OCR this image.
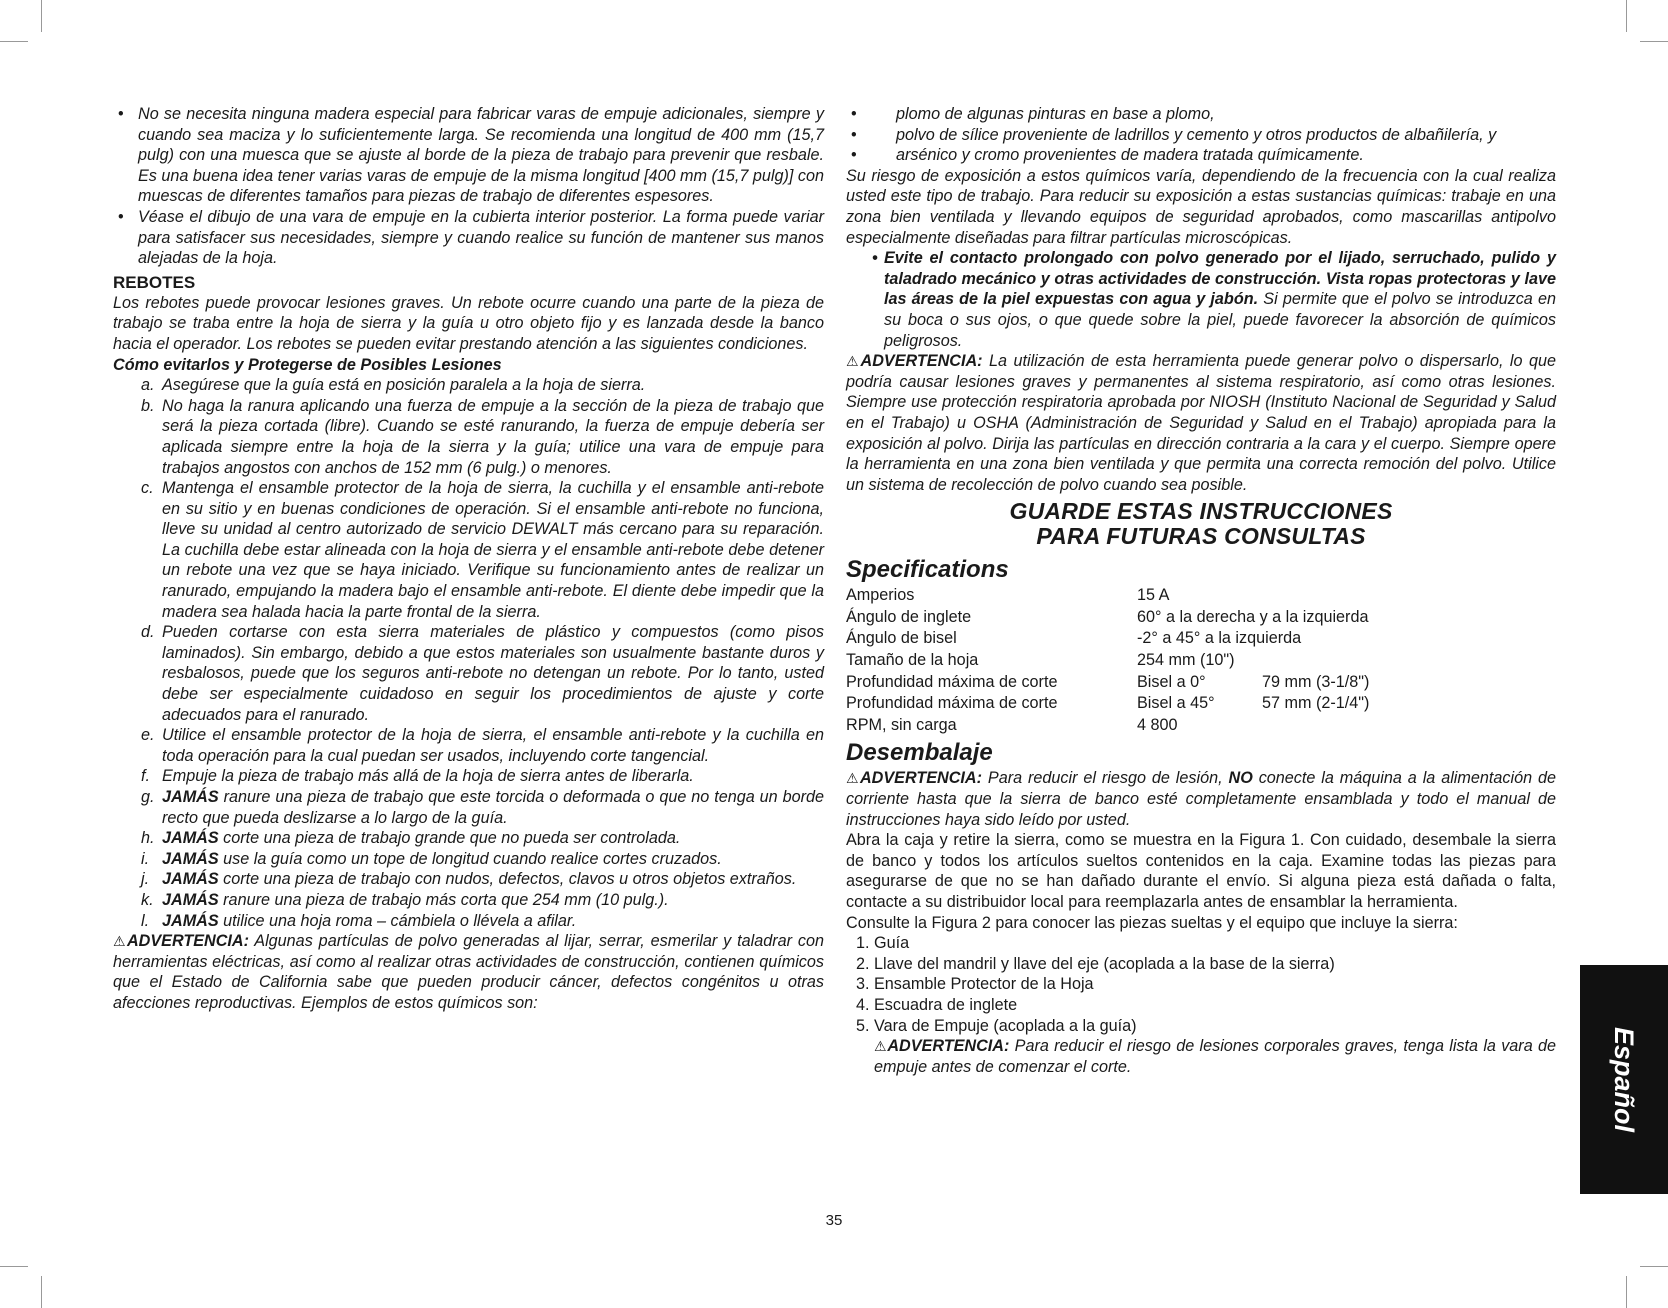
• No se necesita ninguna madera especial para fabricar varas de empuje adicionales, siempre y cuando sea maciza y lo suficientemente larga. Se recomienda una longitud de 400 mm (15,7 pulg) con una muesca que se ajuste al borde de la pieza de trabajo para prevenir que resbale. Es una buena idea tener varias varas de empuje de la misma longitud [400 mm (15,7 pulg)] con muescas de diferentes tamaños para piezas de trabajo de diferentes espesores.
• Véase el dibujo de una vara de empuje en la cubierta interior posterior. La forma puede variar para satisfacer sus necesidades, siempre y cuando realice su función de mantener sus manos alejadas de la hoja.
REBOTES
Los rebotes puede provocar lesiones graves. Un rebote ocurre cuando una parte de la pieza de trabajo se traba entre la hoja de sierra y la guía u otro objeto fijo y es lanzada desde la banco hacia el operador. Los rebotes se pueden evitar prestando atención a las siguientes condiciones.
Cómo evitarlos y Protegerse de Posibles Lesiones
a. Asegúrese que la guía está en posición paralela a la hoja de sierra.
b. No haga la ranura aplicando una fuerza de empuje a la sección de la pieza de trabajo que será la pieza cortada (libre). Cuando se esté ranurando, la fuerza de empuje debería ser aplicada siempre entre la hoja de la sierra y la guía; utilice una vara de empuje para trabajos angostos con anchos de 152 mm (6 pulg.) o menores.
c. Mantenga el ensamble protector de la hoja de sierra, la cuchilla y el ensamble anti-rebote en su sitio y en buenas condiciones de operación. Si el ensamble anti-rebote no funciona, lleve su unidad al centro autorizado de servicio DEWALT más cercano para su reparación. La cuchilla debe estar alineada con la hoja de sierra y el ensamble anti-rebote debe detener un rebote una vez que se haya iniciado. Verifique su funcionamiento antes de realizar un ranurado, empujando la madera bajo el ensamble anti-rebote. El diente debe impedir que la madera sea halada hacia la parte frontal de la sierra.
d. Pueden cortarse con esta sierra materiales de plástico y compuestos (como pisos laminados). Sin embargo, debido a que estos materiales son usualmente bastante duros y resbalosos, puede que los seguros anti-rebote no detengan un rebote. Por lo tanto, usted debe ser especialmente cuidadoso en seguir los procedimientos de ajuste y corte adecuados para el ranurado.
e. Utilice el ensamble protector de la hoja de sierra, el ensamble anti-rebote y la cuchilla en toda operación para la cual puedan ser usados, incluyendo corte tangencial.
f. Empuje la pieza de trabajo más allá de la hoja de sierra antes de liberarla.
g. JAMÁS ranure una pieza de trabajo que este torcida o deformada o que no tenga un borde recto que pueda deslizarse a lo largo de la guía.
h. JAMÁS corte una pieza de trabajo grande que no pueda ser controlada.
i. JAMÁS use la guía como un tope de longitud cuando realice cortes cruzados.
j. JAMÁS corte una pieza de trabajo con nudos, defectos, clavos u otros objetos extraños.
k. JAMÁS ranure una pieza de trabajo más corta que 254 mm (10 pulg.).
l. JAMÁS utilice una hoja roma – cámbiela o llévela a afilar.
⚠ADVERTENCIA: Algunas partículas de polvo generadas al lijar, serrar, esmerilar y taladrar con herramientas eléctricas, así como al realizar otras actividades de construcción, contienen químicos que el Estado de California sabe que pueden producir cáncer, defectos congénitos u otras afecciones reproductivas. Ejemplos de estos químicos son:
• plomo de algunas pinturas en base a plomo,
• polvo de sílice proveniente de ladrillos y cemento y otros productos de albañilería, y
• arsénico y cromo provenientes de madera tratada químicamente.
Su riesgo de exposición a estos químicos varía, dependiendo de la frecuencia con la cual realiza usted este tipo de trabajo. Para reducir su exposición a estas sustancias químicas: trabaje en una zona bien ventilada y llevando equipos de seguridad aprobados, como mascarillas antipolvo especialmente diseñadas para filtrar partículas microscópicas.
• Evite el contacto prolongado con polvo generado por el lijado, serruchado, pulido y taladrado mecánico y otras actividades de construcción. Vista ropas protectoras y lave las áreas de la piel expuestas con agua y jabón. Si permite que el polvo se introduzca en su boca o sus ojos, o que quede sobre la piel, puede favorecer la absorción de químicos peligrosos.
⚠ADVERTENCIA: La utilización de esta herramienta puede generar polvo o dispersarlo, lo que podría causar lesiones graves y permanentes al sistema respiratorio, así como otras lesiones. Siempre use protección respiratoria aprobada por NIOSH (Instituto Nacional de Seguridad y Salud en el Trabajo) u OSHA (Administración de Seguridad y Salud en el Trabajo) apropiada para la exposición al polvo. Dirija las partículas en dirección contraria a la cara y el cuerpo. Siempre opere la herramienta en una zona bien ventilada y que permita una correcta remoción del polvo. Utilice un sistema de recolección de polvo cuando sea posible.
GUARDE ESTAS INSTRUCCIONES
PARA FUTURAS CONSULTAS
Specifications
Amperios	15 A
Ángulo de inglete	60° a la derecha y a la izquierda
Ángulo de bisel	-2° a 45° a la izquierda
Tamaño de la hoja	254 mm (10")
Profundidad máxima de corte	Bisel a 0°	79 mm (3-1/8")
Profundidad máxima de corte	Bisel a 45°	57 mm (2-1/4")
RPM, sin carga	4 800
Desembalaje
⚠ADVERTENCIA: Para reducir el riesgo de lesión, NO conecte la máquina a la alimentación de corriente hasta que la sierra de banco esté completamente ensamblada y todo el manual de instrucciones haya sido leído por usted.
Abra la caja y retire la sierra, como se muestra en la Figura 1. Con cuidado, desembale la sierra de banco y todos los artículos sueltos contenidos en la caja. Examine todas las piezas para asegurarse de que no se han dañado durante el envío. Si alguna pieza está dañada o falta, contacte a su distribuidor local para reemplazarla antes de ensamblar la herramienta.
Consulte la Figura 2 para conocer las piezas sueltas y el equipo que incluye la sierra:
1. Guía
2. Llave del mandril y llave del eje (acoplada a la base de la sierra)
3. Ensamble Protector de la Hoja
4. Escuadra de inglete
5. Vara de Empuje (acoplada a la guía)
⚠ADVERTENCIA: Para reducir el riesgo de lesiones corporales graves, tenga lista la vara de empuje antes de comenzar el corte.	Español
35
